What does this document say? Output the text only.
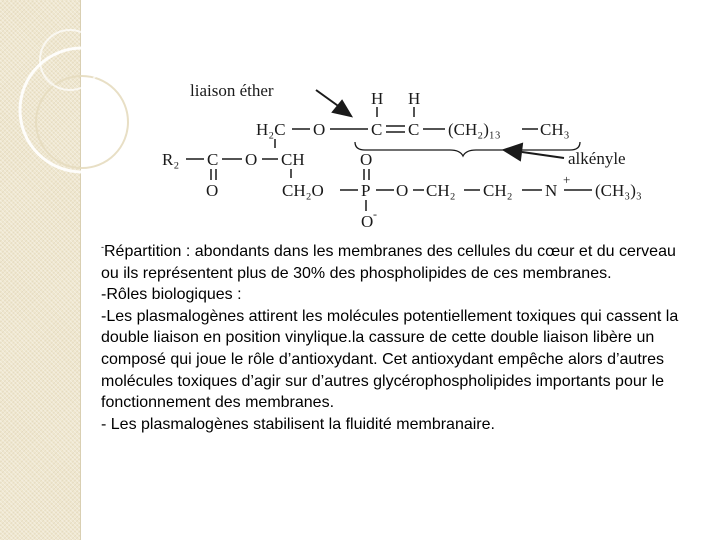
liaison éther
alkényle
H H
H₂C O	C C (CH₂)₁₃ CH₃
R₂ C O CH	O
O	CH₂O P O CH₂ CH₂ N
+
(CH₃)₃
O -

-Répartition : abondants dans les membranes des cellules du cœur et du cerveau ou ils représentent plus de 30% des phospholipides de ces membranes.

-Rôles biologiques :

-Les plasmalogènes attirent les molécules potentiellement toxiques qui cassent la double liaison en position vinylique.la cassure de cette double liaison libère un composé qui joue le rôle d’antioxydant. Cet antioxydant empêche alors d’autres molécules toxiques d’agir sur d’autres glycérophospholipides importants pour le fonctionnement des membranes.

- Les plasmalogènes stabilisent la fluidité membranaire.
